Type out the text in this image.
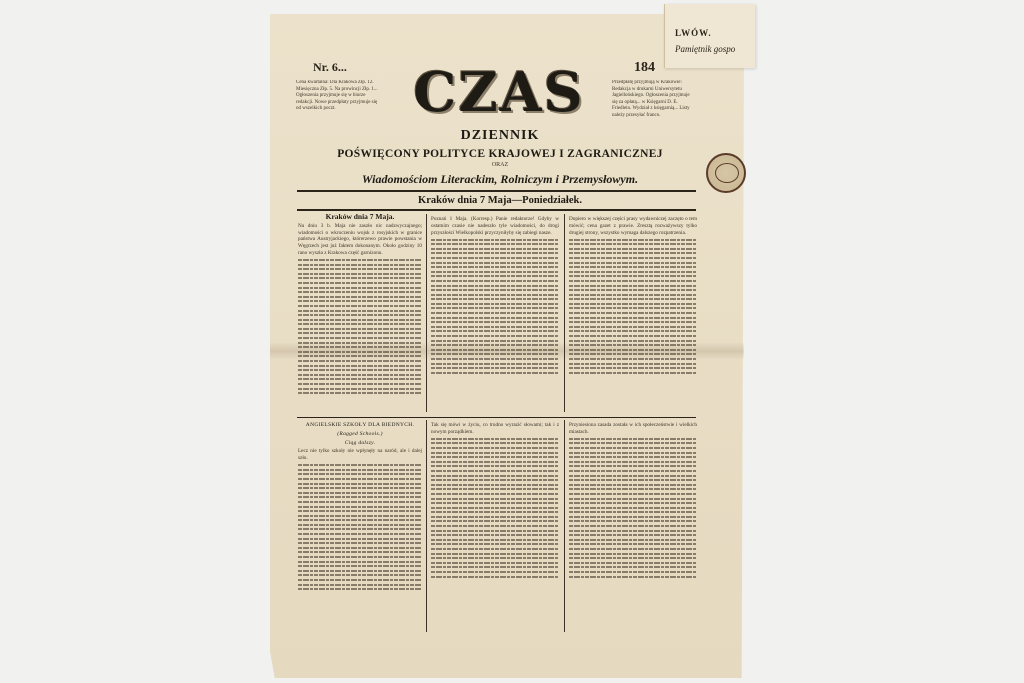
LWÓW.
Pamiętnik gospo
Nr. 6...	184
Cena kwartalna: Dla Krakowa Złp. 12. Miesięczna Złp. 5. Na prowincji Złp. 1... Ogłoszenia przyjmuje się w biurze redakcji. Nowe przedpłaty przyjmuje się od wszelkich poczt.
Przedpłatę przyjmują w Krakowie: Redakcja w drukarni Uniwersytetu Jagiellońskiego. Ogłoszenia przyjmuje się za opłatą... w Księgarni D. E. Friedlein. Wydział z księgarnią... Listy należy przesyłać franco.
CZAS
DZIENNIK
POŚWIĘCONY POLITYCE KRAJOWEJ I ZAGRANICZNEJ
ORAZ
Wiadomościom Literackim, Rolniczym i Przemysłowym.
Kraków dnia 7 Maja—Poniedziałek.
Kraków dnia 7 Maja.
Na dniu 3 b. Maja nie zaszło nic nadzwyczajnego; wiadomości o wkroczeniu wojsk z rosyjskich w granice państwa Austryjackiego, którerzewo prawie powstania w Węgrzech jest już faktem dokonanym. Około godziny 10 rano wyszła z Krakowa część garnizonu.
Poznań 1 Maja. (Korresp.) Panie redaktorze! Gdyby w ostatnim czasie nie nadeszło tyle wiadomości, do drogi przyszłości Wielkopolski przyczyniłyby się zabiegi nasze.
Dopiero w większej części prasy wydawniczej zaczęto o tem mówić; cena gazet z prawie. Zresztą rozważywszy tylko drugiej strony, wszystko wymaga dalszego rozpatrzenia.
ANGIELSKIE SZKOŁY DLA BIEDNYCH.
(Ragged Schools.)
Ciąg dalszy.
Lecz nie tylko szkoły nie wpłynęły na naród, ale i dalej szło.
Tak się mówi w życiu, co trudno wyrazić słowami; tak i z nowym porządkiem.
Przyniesiona zasada została w ich społeczeństwie i wielkich miastach.
